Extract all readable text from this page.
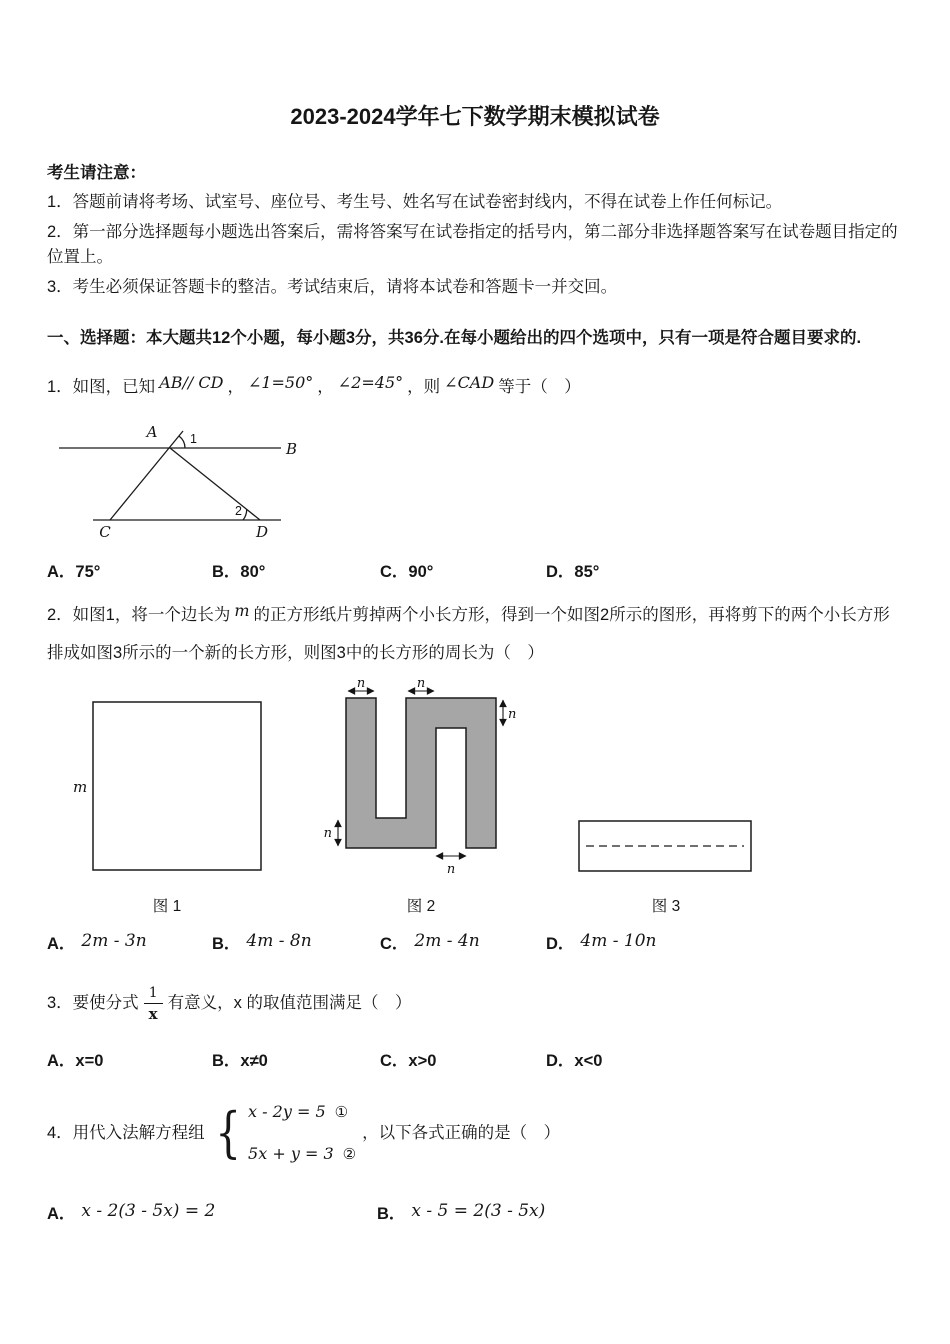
2023-2024学年七下数学期末模拟试卷

考生请注意：

1．答题前请将考场、试室号、座位号、考生号、姓名写在试卷密封线内，不得在试卷上作任何标记。

2．第一部分选择题每小题选出答案后，需将答案写在试卷指定的括号内，第二部分非选择题答案写在试卷题目指定的位置上。

3．考生必须保证答题卡的整洁。考试结束后，请将本试卷和答题卡一并交回。

一、选择题：本大题共12个小题，每小题3分，共36分.在每小题给出的四个选项中，只有一项是符合题目要求的.

1．如图，已知 AB// CD ， ∠1=50° ， ∠2=45° ，则 ∠CAD 等于（　）

A
B
C	D
1
2
A．75°	B．80°	C．90°	D．85°

2．如图1，将一个边长为 m 的正方形纸片剪掉两个小长方形，得到一个如图2所示的图形，再将剪下的两个小长方形排成如图3所示的一个新的长方形，则图3中的长方形的周长为（　）

m
图 1
n	n
n
n
n
图 2	图 3
A． 2m - 3n	B． 4m - 8n	C． 2m - 4n	D． 4m - 10n

3．要使分式 $\frac{1}{x}$ 有意义，x 的取值范围满足（　）

A．x=0	B．x≠0	C．x>0	D．x<0

4．用代入法解方程组 { x - 2y = 5 ①
5x + y = 3 ②
，以下各式正确的是（　）

A． x - 2(3 - 5x) = 2	B． x - 5 = 2(3 - 5x)
